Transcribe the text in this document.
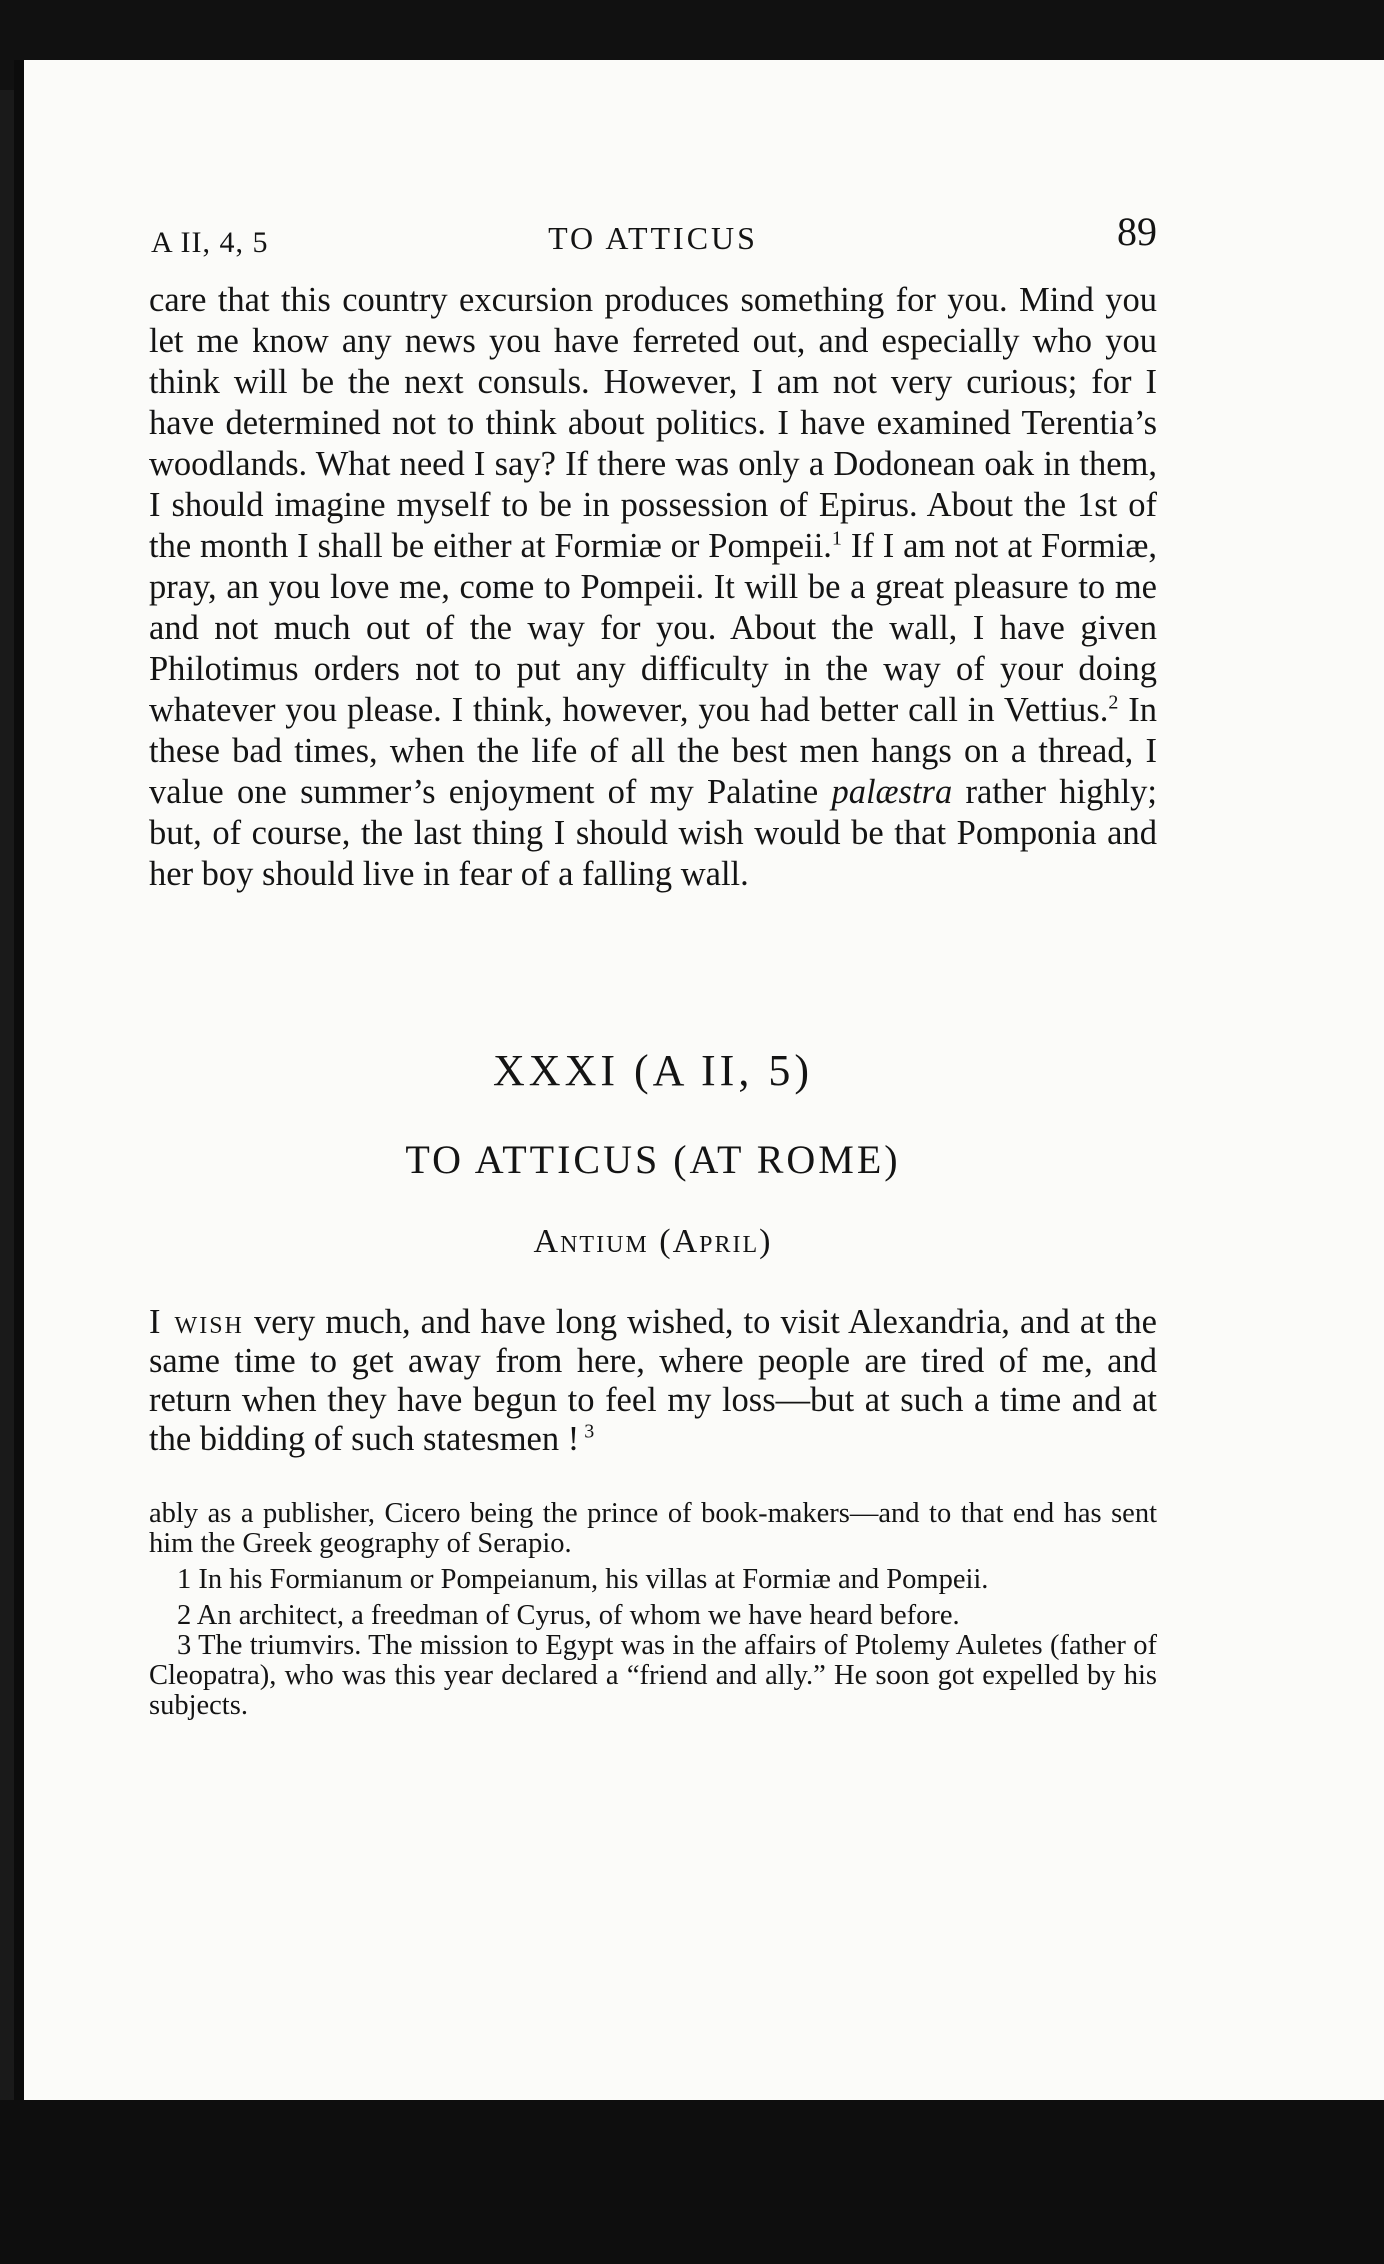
A II, 4, 5	TO ATTICUS	89

care that this country excursion produces something for you. Mind you let me know any news you have ferreted out, and especially who you think will be the next consuls. However, I am not very curious; for I have determined not to think about politics. I have examined Terentia’s woodlands. What need I say? If there was only a Dodonean oak in them, I should imagine myself to be in possession of Epirus. About the 1st of the month I shall be either at Formiæ or Pompeii.$^1$ If I am not at Formiæ, pray, an you love me, come to Pompeii. It will be a great pleasure to me and not much out of the way for you. About the wall, I have given Philotimus orders not to put any difficulty in the way of your doing whatever you please. I think, however, you had better call in Vettius.$^2$ In these bad times, when the life of all the best men hangs on a thread, I value one summer’s enjoyment of my Palatine palæstra rather highly; but, of course, the last thing I should wish would be that Pomponia and her boy should live in fear of a falling wall.

XXXI (A II, 5)
TO ATTICUS (AT ROME)
Antium (April)

I wish very much, and have long wished, to visit Alexandria, and at the same time to get away from here, where people are tired of me, and return when they have begun to feel my loss—but at such a time and at the bidding of such statesmen ! $^3$

ably as a publisher, Cicero being the prince of book-makers—and to that end has sent him the Greek geography of Serapio.

1 In his Formianum or Pompeianum, his villas at Formiæ and Pompeii.

2 An architect, a freedman of Cyrus, of whom we have heard before.

3 The triumvirs. The mission to Egypt was in the affairs of Ptolemy Auletes (father of Cleopatra), who was this year declared a “friend and ally.” He soon got expelled by his subjects.
